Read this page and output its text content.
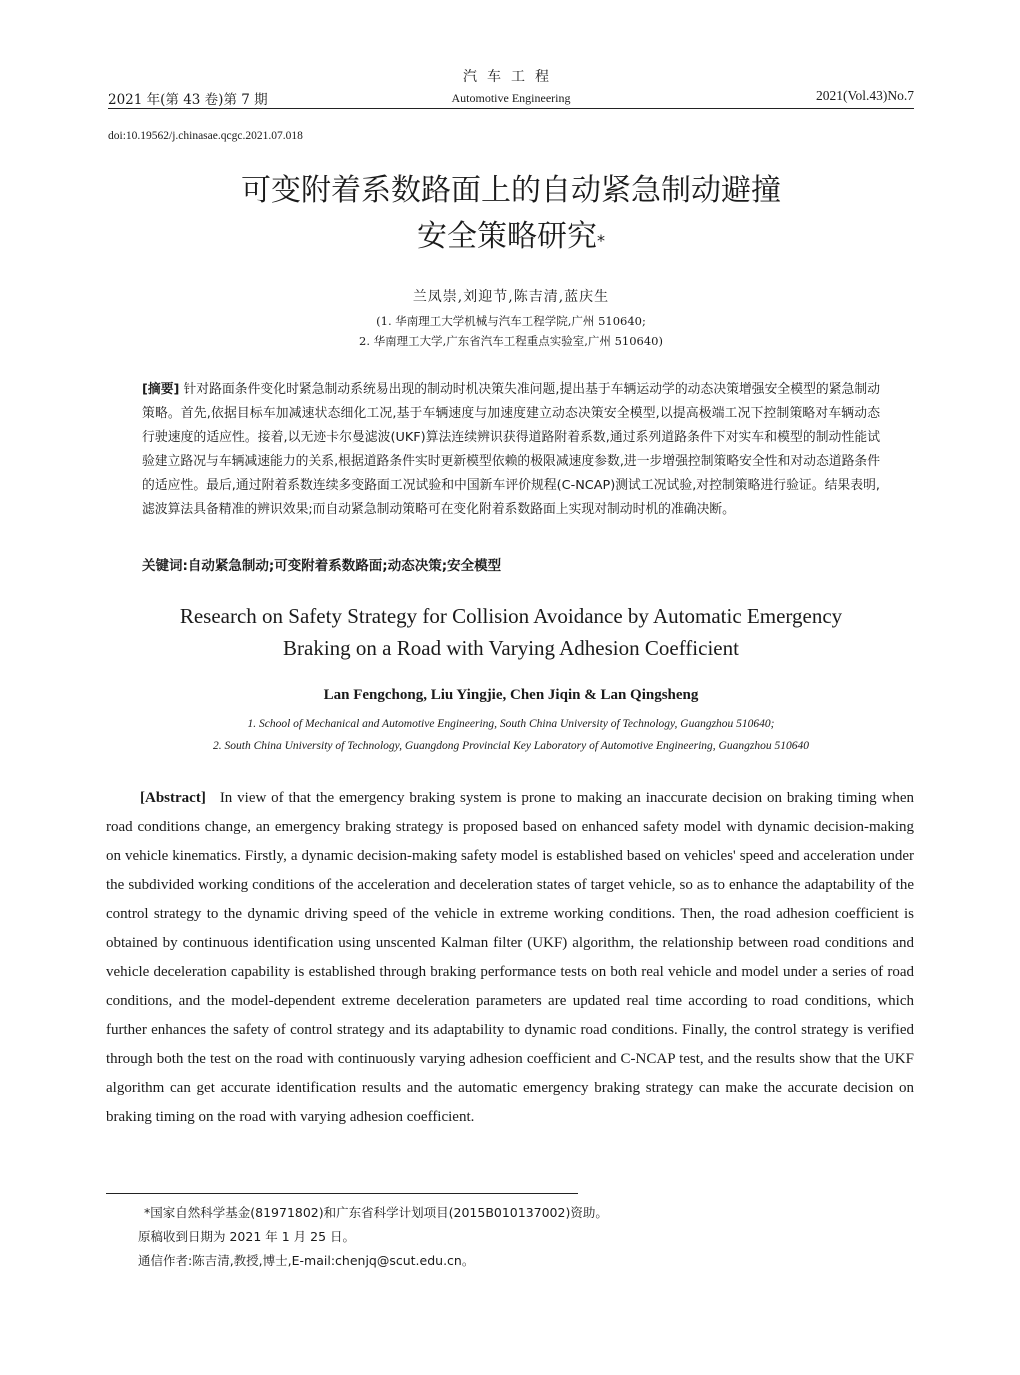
汽车工程
2021 年(第 43 卷)第 7 期	Automotive Engineering	2021(Vol.43)No.7
doi:10.19562/j.chinasae.qcgc.2021.07.018
可变附着系数路面上的自动紧急制动避撞
安全策略研究*
兰凤崇,刘迎节,陈吉清,蓝庆生
(1. 华南理工大学机械与汽车工程学院,广州 510640;
2. 华南理工大学,广东省汽车工程重点实验室,广州 510640)
[摘要] 针对路面条件变化时紧急制动系统易出现的制动时机决策失准问题,提出基于车辆运动学的动态决策增强安全模型的紧急制动策略。首先,依据目标车加减速状态细化工况,基于车辆速度与加速度建立动态决策安全模型,以提高极端工况下控制策略对车辆动态行驶速度的适应性。接着,以无迹卡尔曼滤波(UKF)算法连续辨识获得道路附着系数,通过系列道路条件下对实车和模型的制动性能试验建立路况与车辆减速能力的关系,根据道路条件实时更新模型依赖的极限减速度参数,进一步增强控制策略安全性和对动态道路条件的适应性。最后,通过附着系数连续多变路面工况试验和中国新车评价规程(C-NCAP)测试工况试验,对控制策略进行验证。结果表明,滤波算法具备精准的辨识效果;而自动紧急制动策略可在变化附着系数路面上实现对制动时机的准确决断。
关键词:自动紧急制动;可变附着系数路面;动态决策;安全模型
Research on Safety Strategy for Collision Avoidance by Automatic Emergency
Braking on a Road with Varying Adhesion Coefficient
Lan Fengchong, Liu Yingjie, Chen Jiqin & Lan Qingsheng
1. School of Mechanical and Automotive Engineering, South China University of Technology, Guangzhou 510640;
2. South China University of Technology, Guangdong Provincial Key Laboratory of Automotive Engineering, Guangzhou 510640
[Abstract] In view of that the emergency braking system is prone to making an inaccurate decision on braking timing when road conditions change, an emergency braking strategy is proposed based on enhanced safety model with dynamic decision-making on vehicle kinematics. Firstly, a dynamic decision-making safety model is established based on vehicles' speed and acceleration under the subdivided working conditions of the acceleration and deceleration states of target vehicle, so as to enhance the adaptability of the control strategy to the dynamic driving speed of the vehicle in extreme working conditions. Then, the road adhesion coefficient is obtained by continuous identification using unscented Kalman filter (UKF) algorithm, the relationship between road conditions and vehicle deceleration capability is established through braking performance tests on both real vehicle and model under a series of road conditions, and the model-dependent extreme deceleration parameters are updated real time according to road conditions, which further enhances the safety of control strategy and its adaptability to dynamic road conditions. Finally, the control strategy is verified through both the test on the road with continuously varying adhesion coefficient and C-NCAP test, and the results show that the UKF algorithm can get accurate identification results and the automatic emergency braking strategy can make the accurate decision on braking timing on the road with varying adhesion coefficient.
*国家自然科学基金(81971802)和广东省科学计划项目(2015B010137002)资助。
原稿收到日期为 2021 年 1 月 25 日。
通信作者:陈吉清,教授,博士,E-mail:chenjq@scut.edu.cn。
